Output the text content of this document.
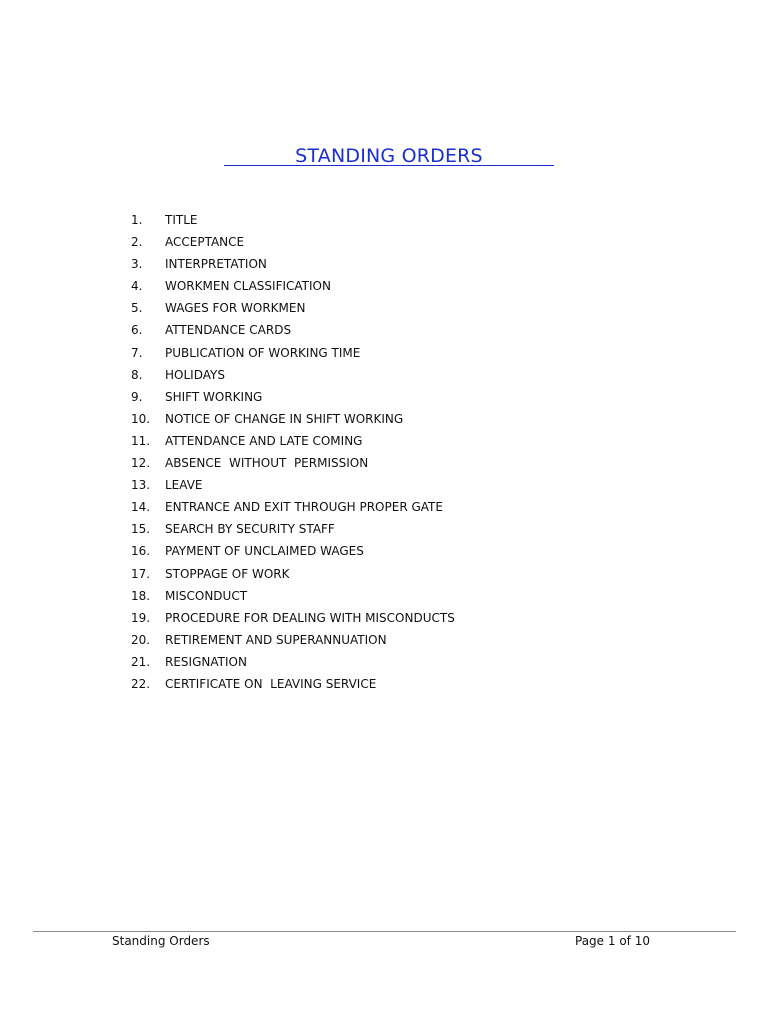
STANDING ORDERS
1.	TITLE
2.	ACCEPTANCE
3.	INTERPRETATION
4.	WORKMEN CLASSIFICATION
5.	WAGES FOR WORKMEN
6.	ATTENDANCE CARDS
7.	PUBLICATION OF WORKING TIME
8.	HOLIDAYS
9.	SHIFT WORKING
10.	NOTICE OF CHANGE IN SHIFT WORKING
11.	ATTENDANCE AND LATE COMING
12.	ABSENCE  WITHOUT  PERMISSION
13.	LEAVE
14.	ENTRANCE AND EXIT THROUGH PROPER GATE
15.	SEARCH BY SECURITY STAFF
16.	PAYMENT OF UNCLAIMED WAGES
17.	STOPPAGE OF WORK
18.	MISCONDUCT
19.	PROCEDURE FOR DEALING WITH MISCONDUCTS
20.	RETIREMENT AND SUPERANNUATION
21.	RESIGNATION
22.	CERTIFICATE ON  LEAVING SERVICE
Standing Orders	Page 1 of 10
